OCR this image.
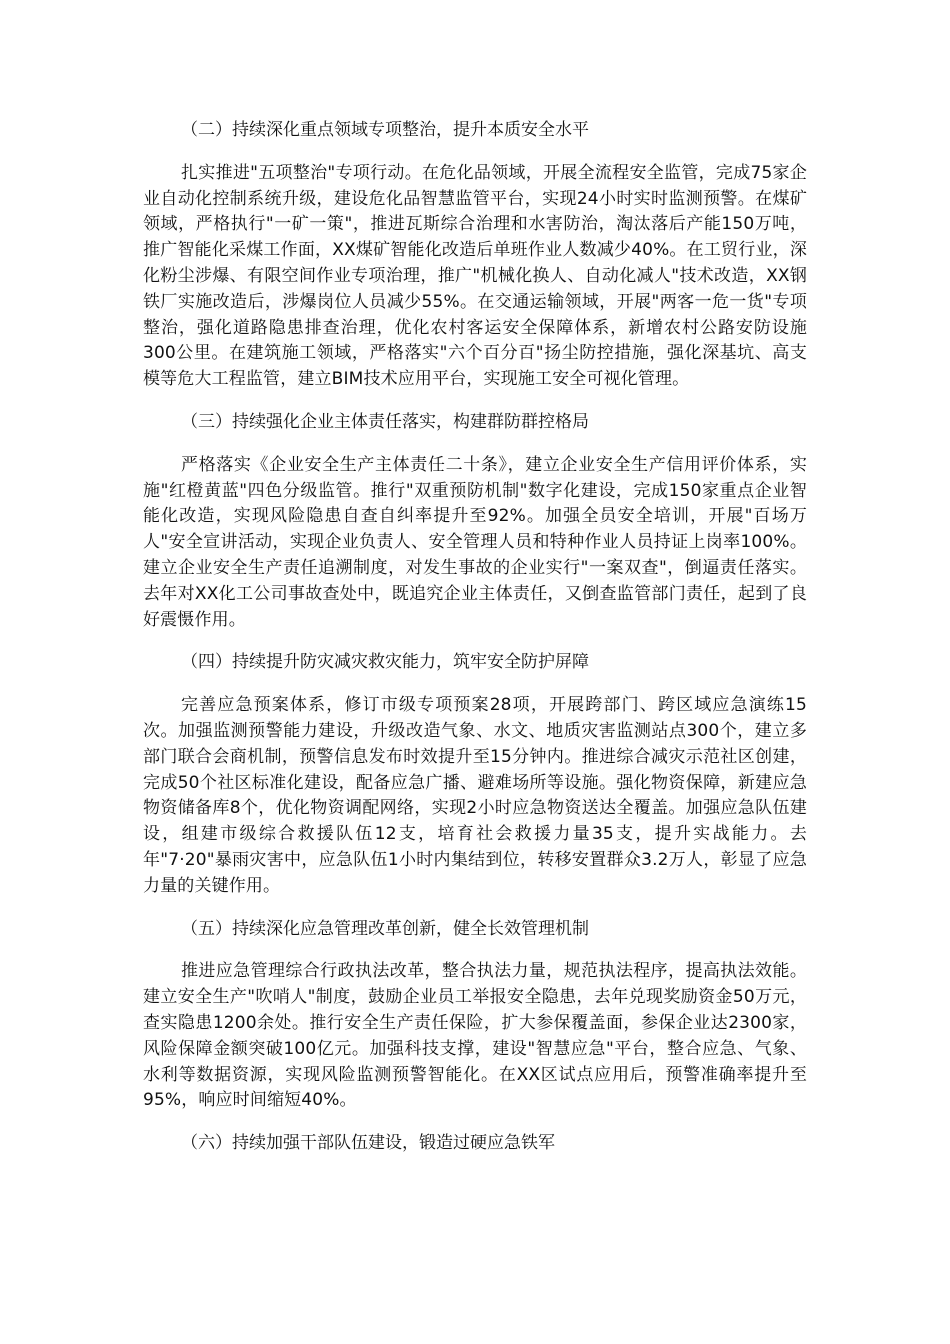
（二）持续深化重点领域专项整治，提升本质安全水平

扎实推进"五项整治"专项行动。在危化品领域，开展全流程安全监管，完成75家企业自动化控制系统升级，建设危化品智慧监管平台，实现24小时实时监测预警。在煤矿领域，严格执行"一矿一策"，推进瓦斯综合治理和水害防治，淘汰落后产能150万吨，推广智能化采煤工作面，XX煤矿智能化改造后单班作业人数减少40%。在工贸行业，深化粉尘涉爆、有限空间作业专项治理，推广"机械化换人、自动化减人"技术改造，XX钢铁厂实施改造后，涉爆岗位人员减少55%。在交通运输领域，开展"两客一危一货"专项整治，强化道路隐患排查治理，优化农村客运安全保障体系，新增农村公路安防设施300公里。在建筑施工领域，严格落实"六个百分百"扬尘防控措施，强化深基坑、高支模等危大工程监管，建立BIM技术应用平台，实现施工安全可视化管理。

（三）持续强化企业主体责任落实，构建群防群控格局

严格落实《企业安全生产主体责任二十条》，建立企业安全生产信用评价体系，实施"红橙黄蓝"四色分级监管。推行"双重预防机制"数字化建设，完成150家重点企业智能化改造，实现风险隐患自查自纠率提升至92%。加强全员安全培训，开展"百场万人"安全宣讲活动，实现企业负责人、安全管理人员和特种作业人员持证上岗率100%。建立企业安全生产责任追溯制度，对发生事故的企业实行"一案双查"，倒逼责任落实。去年对XX化工公司事故查处中，既追究企业主体责任，又倒查监管部门责任，起到了良好震慑作用。

（四）持续提升防灾减灾救灾能力，筑牢安全防护屏障

完善应急预案体系，修订市级专项预案28项，开展跨部门、跨区域应急演练15次。加强监测预警能力建设，升级改造气象、水文、地质灾害监测站点300个，建立多部门联合会商机制，预警信息发布时效提升至15分钟内。推进综合减灾示范社区创建，完成50个社区标准化建设，配备应急广播、避难场所等设施。强化物资保障，新建应急物资储备库8个，优化物资调配网络，实现2小时应急物资送达全覆盖。加强应急队伍建设，组建市级综合救援队伍12支，培育社会救援力量35支，提升实战能力。去年"7·20"暴雨灾害中，应急队伍1小时内集结到位，转移安置群众3.2万人，彰显了应急力量的关键作用。

（五）持续深化应急管理改革创新，健全长效管理机制

推进应急管理综合行政执法改革，整合执法力量，规范执法程序，提高执法效能。建立安全生产"吹哨人"制度，鼓励企业员工举报安全隐患，去年兑现奖励资金50万元，查实隐患1200余处。推行安全生产责任保险，扩大参保覆盖面，参保企业达2300家，风险保障金额突破100亿元。加强科技支撑，建设"智慧应急"平台，整合应急、气象、水利等数据资源，实现风险监测预警智能化。在XX区试点应用后，预警准确率提升至95%，响应时间缩短40%。

（六）持续加强干部队伍建设，锻造过硬应急铁军
